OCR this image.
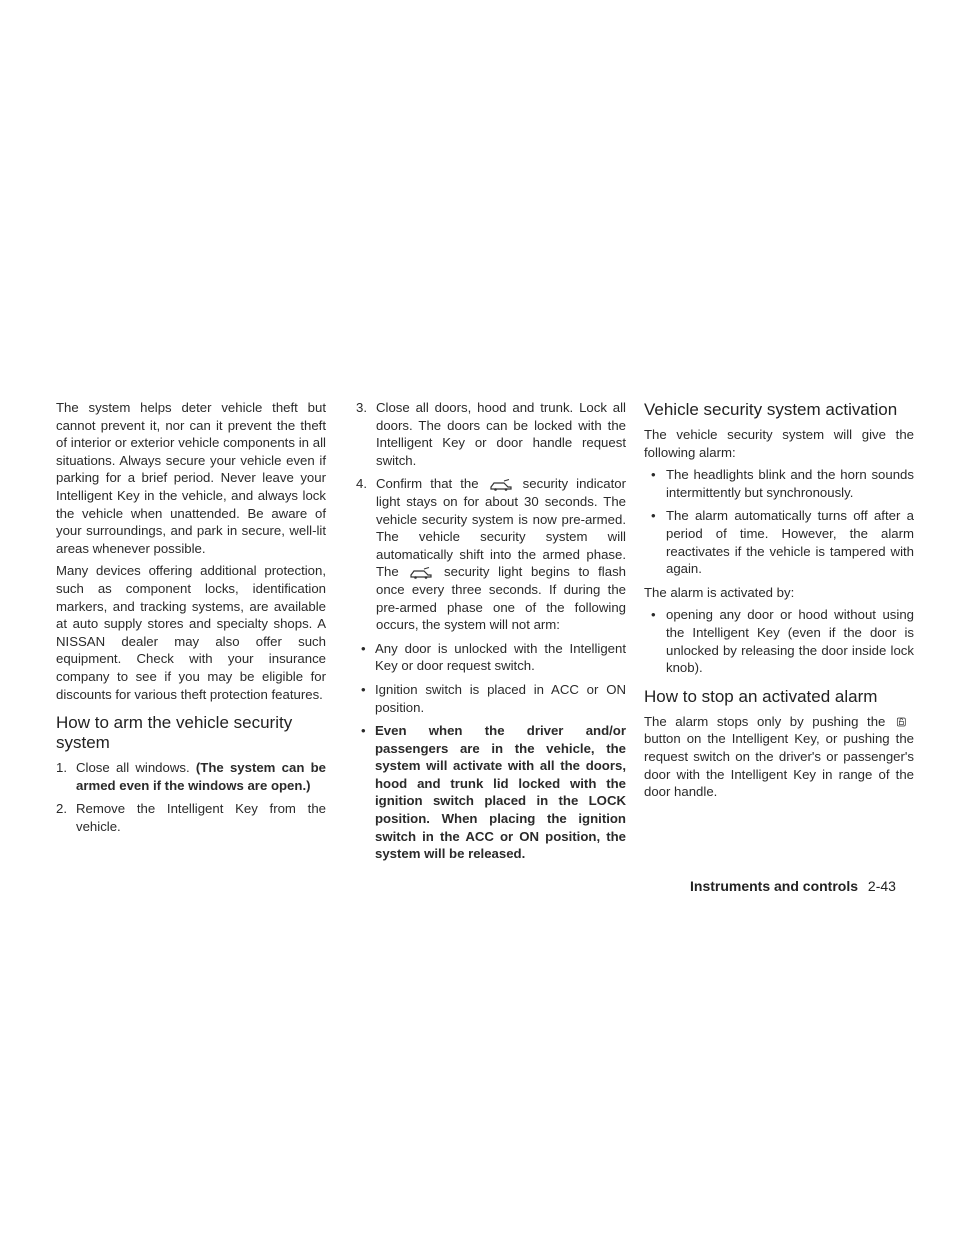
The system helps deter vehicle theft but cannot prevent it, nor can it prevent the theft of interior or exterior vehicle components in all situations. Always secure your vehicle even if parking for a brief period. Never leave your Intelligent Key in the vehicle, and always lock the vehicle when unattended. Be aware of your surroundings, and park in secure, well-lit areas whenever possible.

Many devices offering additional protection, such as component locks, identification markers, and tracking systems, are available at auto supply stores and specialty shops. A NISSAN dealer may also offer such equipment. Check with your insurance company to see if you may be eligible for discounts for various theft protection features.

How to arm the vehicle security system
1. Close all windows. (The system can be armed even if the windows are open.)
2. Remove the Intelligent Key from the vehicle.
3. Close all doors, hood and trunk. Lock all doors. The doors can be locked with the Intelligent Key or door handle request switch.
4. Confirm that the	security indicator light stays on for about 30 seconds. The vehicle security system is now pre-armed. The vehicle security system will automatically shift into the armed phase. The	security light begins to flash once every three seconds. If during the pre-armed phase one of the following occurs, the system will not arm:
• Any door is unlocked with the Intelligent Key or door request switch.
• Ignition switch is placed in ACC or ON position.
• Even when the driver and/or passengers are in the vehicle, the system will activate with all the doors, hood and trunk lid locked with the ignition switch placed in the LOCK position. When placing the ignition switch in the ACC or ON position, the system will be released.
Vehicle security system activation

The vehicle security system will give the following alarm:

• The headlights blink and the horn sounds intermittently but synchronously.
• The alarm automatically turns off after a period of time. However, the alarm reactivates if the vehicle is tampered with again.

The alarm is activated by:

• opening any door or hood without using the Intelligent Key (even if the door is unlocked by releasing the door inside lock knob).
How to stop an activated alarm

The alarm stops only by pushing the  button on the Intelligent Key, or pushing the request switch on the driver's or passenger's door with the Intelligent Key in range of the door handle.

Instruments and controls 2-43
